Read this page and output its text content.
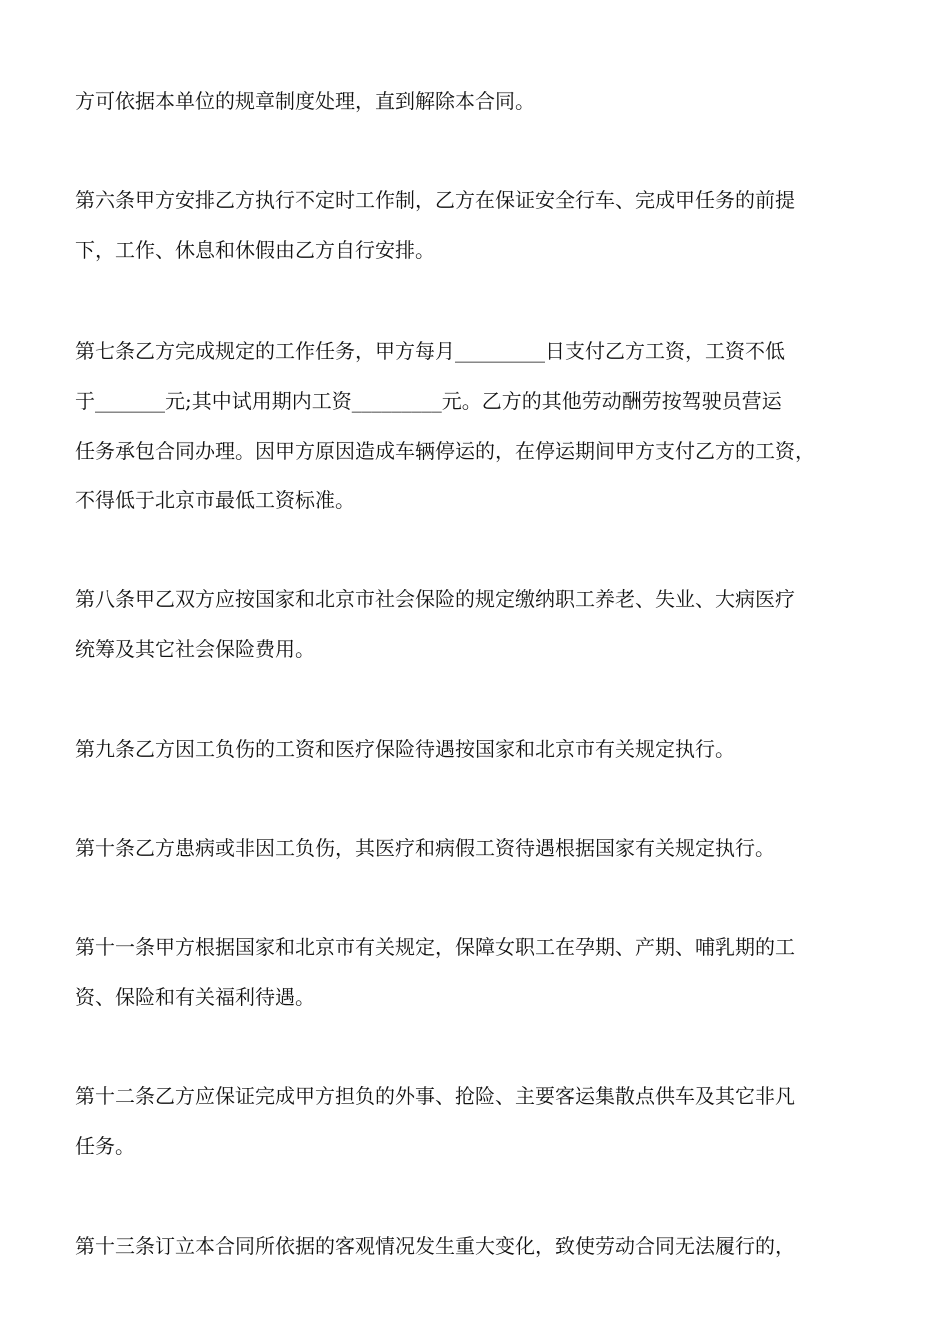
方可依据本单位的规章制度处理，直到解除本合同。
第六条甲方安排乙方执行不定时工作制，乙方在保证安全行车、完成甲任务的前提
下，工作、休息和休假由乙方自行安排。
第七条乙方完成规定的工作任务，甲方每月_________日支付乙方工资，工资不低
于_______元;其中试用期内工资_________元。乙方的其他劳动酬劳按驾驶员营运
任务承包合同办理。因甲方原因造成车辆停运的，在停运期间甲方支付乙方的工资，
不得低于北京市最低工资标准。
第八条甲乙双方应按国家和北京市社会保险的规定缴纳职工养老、失业、大病医疗
统筹及其它社会保险费用。
第九条乙方因工负伤的工资和医疗保险待遇按国家和北京市有关规定执行。
第十条乙方患病或非因工负伤，其医疗和病假工资待遇根据国家有关规定执行。
第十一条甲方根据国家和北京市有关规定，保障女职工在孕期、产期、哺乳期的工
资、保险和有关福利待遇。
第十二条乙方应保证完成甲方担负的外事、抢险、主要客运集散点供车及其它非凡
任务。
第十三条订立本合同所依据的客观情况发生重大变化，致使劳动合同无法履行的，
